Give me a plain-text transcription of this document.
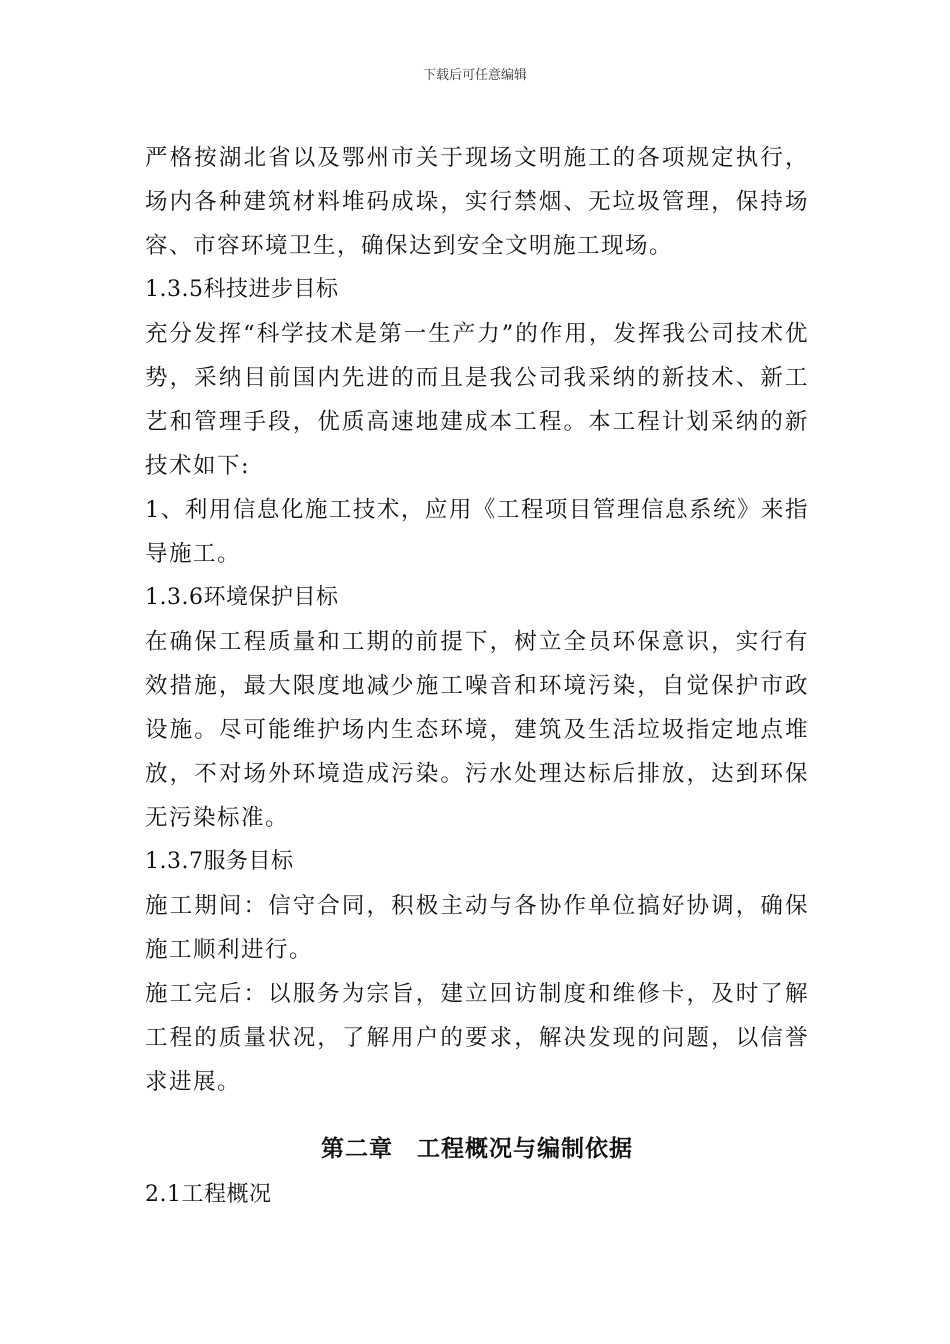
下载后可任意编辑

严格按湖北省以及鄂州市关于现场文明施工的各项规定执行，场内各种建筑材料堆码成垛，实行禁烟、无垃圾管理，保持场容、市容环境卫生，确保达到安全文明施工现场。

1.3.5科技进步目标

充分发挥“科学技术是第一生产力”的作用，发挥我公司技术优势，采纳目前国内先进的而且是我公司我采纳的新技术、新工艺和管理手段，优质高速地建成本工程。本工程计划采纳的新技术如下:

1、利用信息化施工技术，应用《工程项目管理信息系统》来指导施工。

1.3.6环境保护目标

在确保工程质量和工期的前提下，树立全员环保意识，实行有效措施，最大限度地减少施工噪音和环境污染，自觉保护市政设施。尽可能维护场内生态环境，建筑及生活垃圾指定地点堆放，不对场外环境造成污染。污水处理达标后排放，达到环保无污染标准。

1.3.7服务目标

施工期间：信守合同，积极主动与各协作单位搞好协调，确保施工顺利进行。

施工完后：以服务为宗旨，建立回访制度和维修卡，及时了解工程的质量状况，了解用户的要求，解决发现的问题，以信誉求进展。

第二章　工程概况与编制依据

2.1工程概况
